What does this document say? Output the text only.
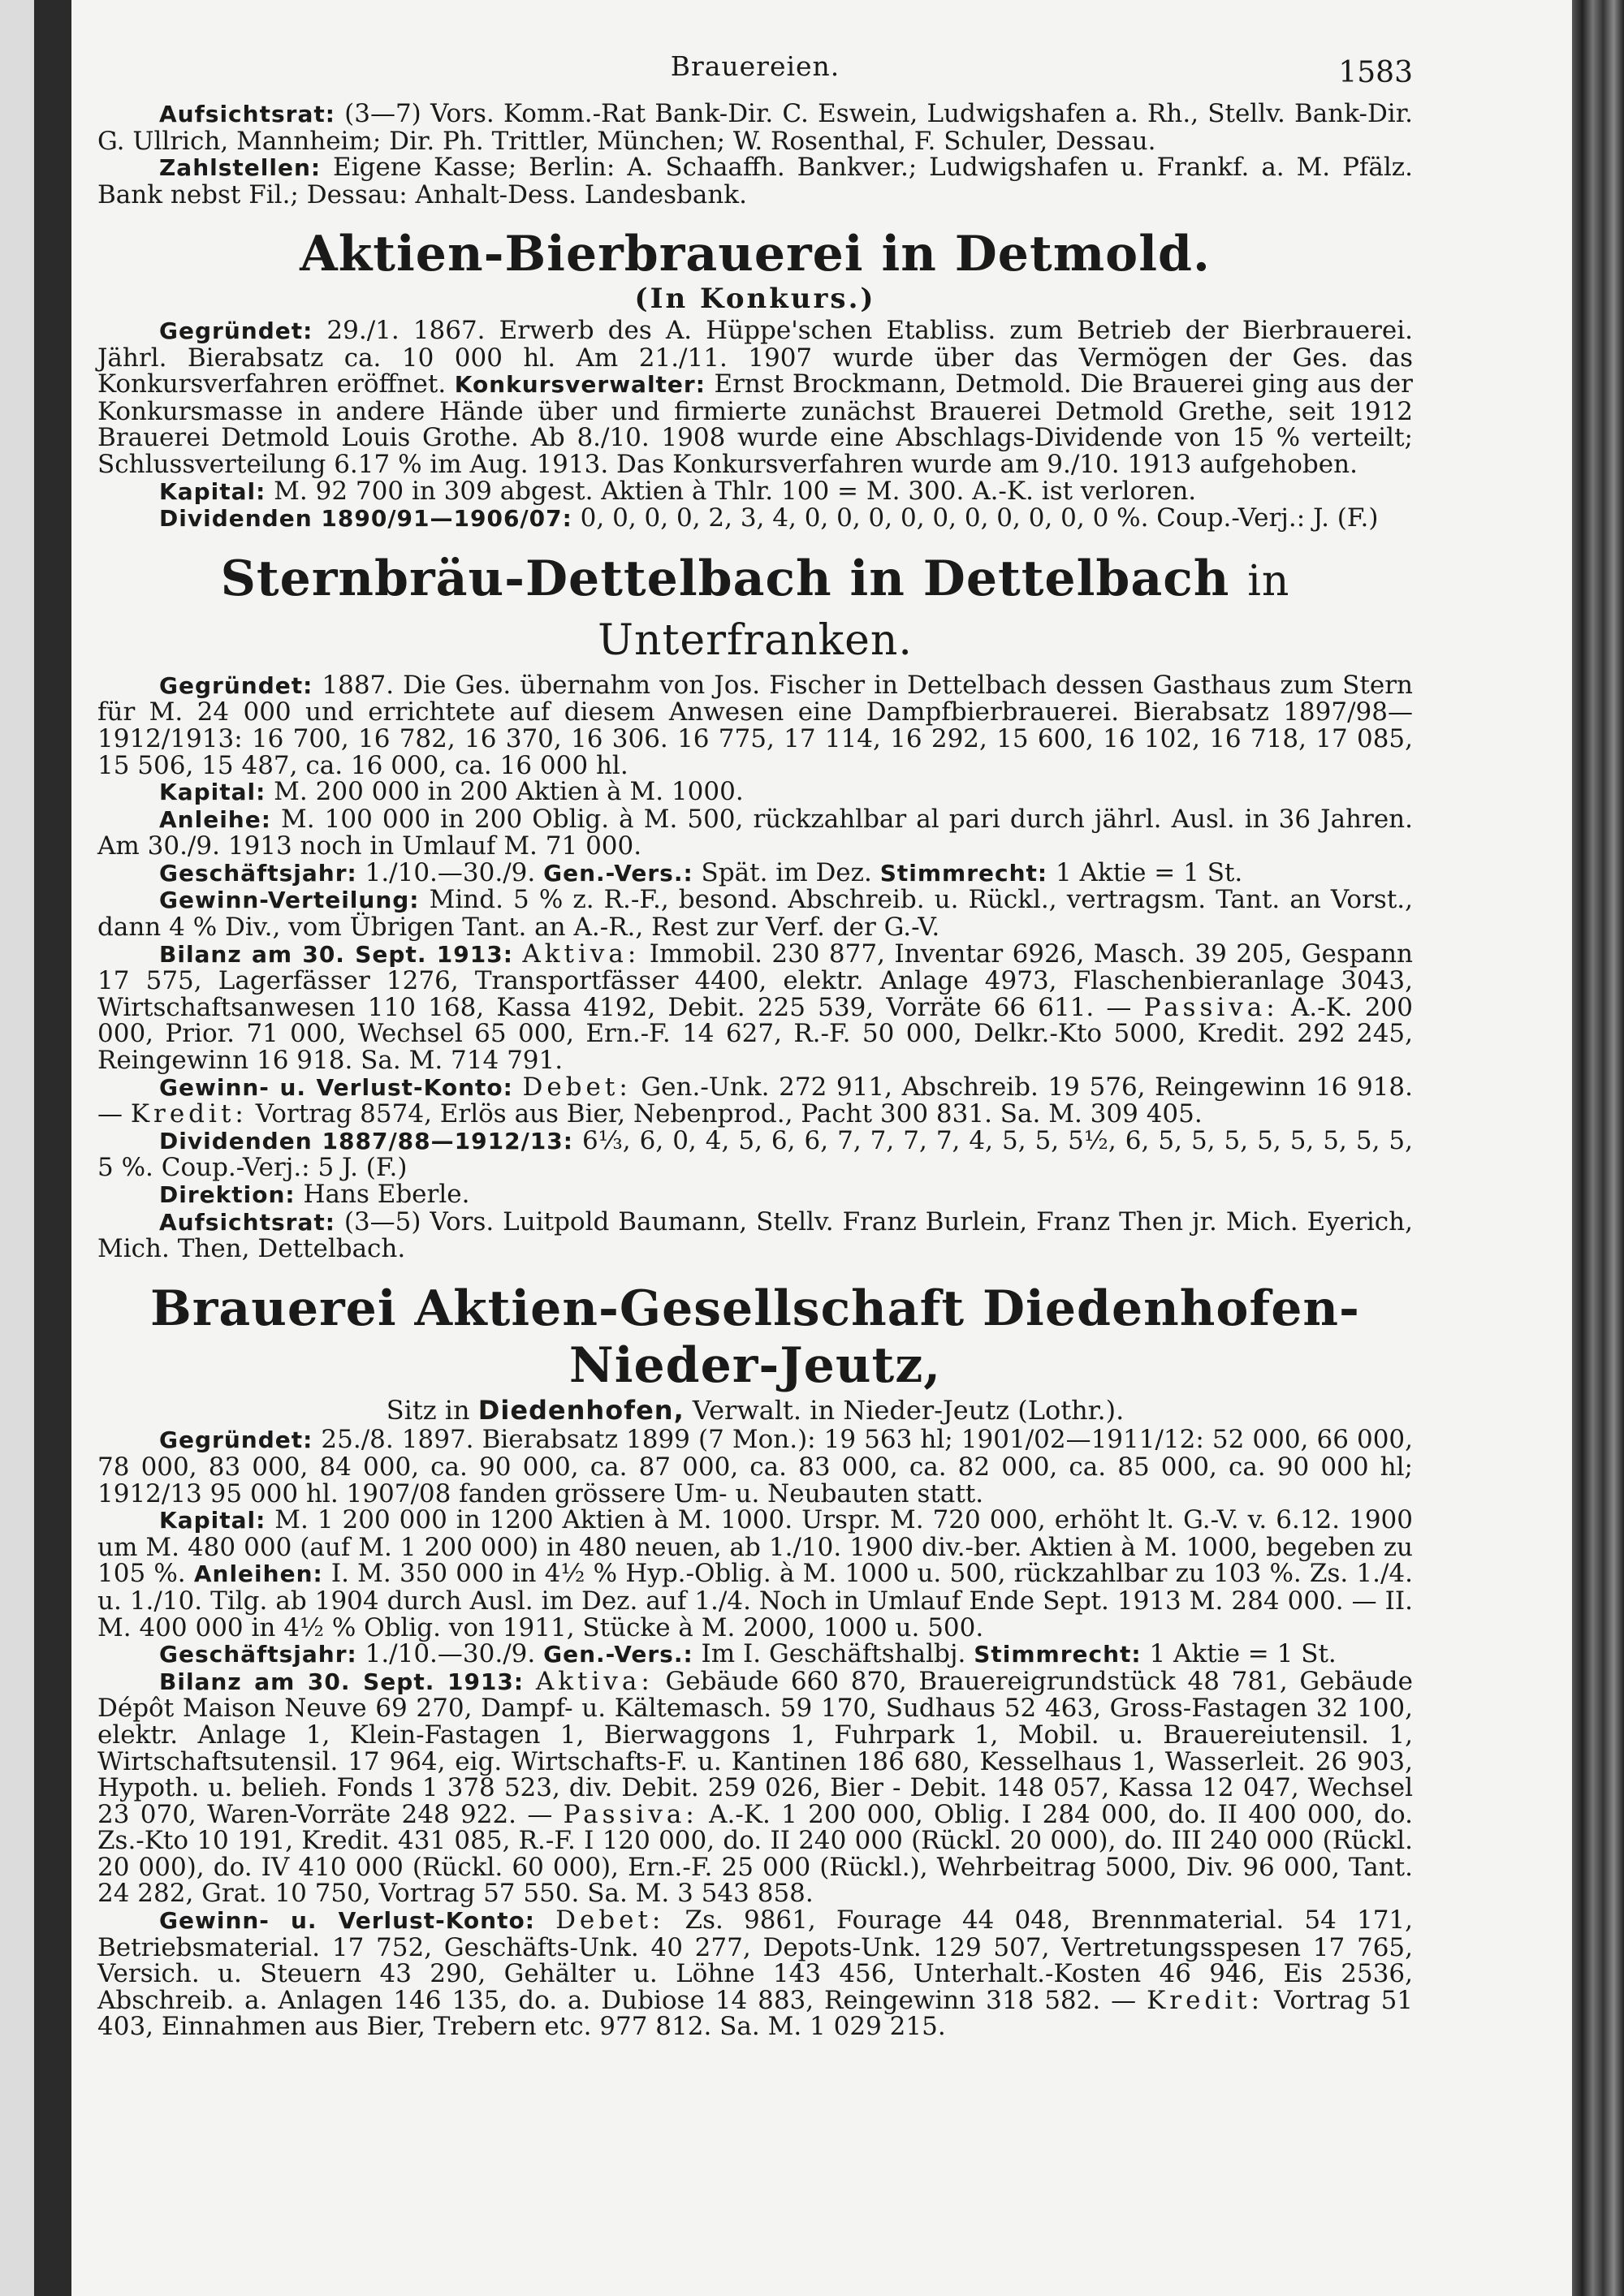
Brauereien.	1583

Aufsichtsrat: (3—7) Vors. Komm.-Rat Bank-Dir. C. Eswein, Ludwigshafen a. Rh., Stellv. Bank-Dir. G. Ullrich, Mannheim; Dir. Ph. Trittler, München; W. Rosenthal, F. Schuler, Dessau.

Zahlstellen: Eigene Kasse; Berlin: A. Schaaffh. Bankver.; Ludwigshafen u. Frankf. a. M. Pfälz. Bank nebst Fil.; Dessau: Anhalt-Dess. Landesbank.

Aktien-Bierbrauerei in Detmold.
(In Konkurs.)

Gegründet: 29./1. 1867. Erwerb des A. Hüppe'schen Etabliss. zum Betrieb der Bierbrauerei. Jährl. Bierabsatz ca. 10 000 hl. Am 21./11. 1907 wurde über das Vermögen der Ges. das Konkursverfahren eröffnet. Konkursverwalter: Ernst Brockmann, Detmold. Die Brauerei ging aus der Konkursmasse in andere Hände über und firmierte zunächst Brauerei Detmold Grethe, seit 1912 Brauerei Detmold Louis Grothe. Ab 8./10. 1908 wurde eine Abschlags-Dividende von 15 % verteilt; Schlussverteilung 6.17 % im Aug. 1913. Das Konkursverfahren wurde am 9./10. 1913 aufgehoben.

Kapital: M. 92 700 in 309 abgest. Aktien à Thlr. 100 = M. 300. A.-K. ist verloren.

Dividenden 1890/91—1906/07: 0, 0, 0, 0, 2, 3, 4, 0, 0, 0, 0, 0, 0, 0, 0, 0, 0 %. Coup.-Verj.: J. (F.)

Sternbräu-Dettelbach in Dettelbach in Unterfranken.

Gegründet: 1887. Die Ges. übernahm von Jos. Fischer in Dettelbach dessen Gasthaus zum Stern für M. 24 000 und errichtete auf diesem Anwesen eine Dampfbierbrauerei. Bierabsatz 1897/98—1912/1913: 16 700, 16 782, 16 370, 16 306. 16 775, 17 114, 16 292, 15 600, 16 102, 16 718, 17 085, 15 506, 15 487, ca. 16 000, ca. 16 000 hl.

Kapital: M. 200 000 in 200 Aktien à M. 1000.

Anleihe: M. 100 000 in 200 Oblig. à M. 500, rückzahlbar al pari durch jährl. Ausl. in 36 Jahren. Am 30./9. 1913 noch in Umlauf M. 71 000.

Geschäftsjahr: 1./10.—30./9. Gen.-Vers.: Spät. im Dez. Stimmrecht: 1 Aktie = 1 St.

Gewinn-Verteilung: Mind. 5 % z. R.-F., besond. Abschreib. u. Rückl., vertragsm. Tant. an Vorst., dann 4 % Div., vom Übrigen Tant. an A.-R., Rest zur Verf. der G.-V.

Bilanz am 30. Sept. 1913: Aktiva: Immobil. 230 877, Inventar 6926, Masch. 39 205, Gespann 17 575, Lagerfässer 1276, Transportfässer 4400, elektr. Anlage 4973, Flaschenbieranlage 3043, Wirtschaftsanwesen 110 168, Kassa 4192, Debit. 225 539, Vorräte 66 611. — Passiva: A.-K. 200 000, Prior. 71 000, Wechsel 65 000, Ern.-F. 14 627, R.-F. 50 000, Delkr.-Kto 5000, Kredit. 292 245, Reingewinn 16 918. Sa. M. 714 791.

Gewinn- u. Verlust-Konto: Debet: Gen.-Unk. 272 911, Abschreib. 19 576, Reingewinn 16 918. — Kredit: Vortrag 8574, Erlös aus Bier, Nebenprod., Pacht 300 831. Sa. M. 309 405.

Dividenden 1887/88—1912/13: 6⅓, 6, 0, 4, 5, 6, 6, 7, 7, 7, 7, 4, 5, 5, 5½, 6, 5, 5, 5, 5, 5, 5, 5, 5, 5 %. Coup.-Verj.: 5 J. (F.)

Direktion: Hans Eberle.

Aufsichtsrat: (3—5) Vors. Luitpold Baumann, Stellv. Franz Burlein, Franz Then jr. Mich. Eyerich, Mich. Then, Dettelbach.

Brauerei Aktien-Gesellschaft Diedenhofen-Nieder-Jeutz,
Sitz in Diedenhofen, Verwalt. in Nieder-Jeutz (Lothr.).

Gegründet: 25./8. 1897. Bierabsatz 1899 (7 Mon.): 19 563 hl; 1901/02—1911/12: 52 000, 66 000, 78 000, 83 000, 84 000, ca. 90 000, ca. 87 000, ca. 83 000, ca. 82 000, ca. 85 000, ca. 90 000 hl; 1912/13 95 000 hl. 1907/08 fanden grössere Um- u. Neubauten statt.

Kapital: M. 1 200 000 in 1200 Aktien à M. 1000. Urspr. M. 720 000, erhöht lt. G.-V. v. 6.12. 1900 um M. 480 000 (auf M. 1 200 000) in 480 neuen, ab 1./10. 1900 div.-ber. Aktien à M. 1000, begeben zu 105 %. Anleihen: I. M. 350 000 in 4½ % Hyp.-Oblig. à M. 1000 u. 500, rückzahlbar zu 103 %. Zs. 1./4. u. 1./10. Tilg. ab 1904 durch Ausl. im Dez. auf 1./4. Noch in Umlauf Ende Sept. 1913 M. 284 000. — II. M. 400 000 in 4½ % Oblig. von 1911, Stücke à M. 2000, 1000 u. 500.

Geschäftsjahr: 1./10.—30./9. Gen.-Vers.: Im I. Geschäftshalbj. Stimmrecht: 1 Aktie = 1 St.

Bilanz am 30. Sept. 1913: Aktiva: Gebäude 660 870, Brauereigrundstück 48 781, Gebäude Dépôt Maison Neuve 69 270, Dampf- u. Kältemasch. 59 170, Sudhaus 52 463, Gross-Fastagen 32 100, elektr. Anlage 1, Klein-Fastagen 1, Bierwaggons 1, Fuhrpark 1, Mobil. u. Brauereiutensil. 1, Wirtschaftsutensil. 17 964, eig. Wirtschafts-F. u. Kantinen 186 680, Kesselhaus 1, Wasserleit. 26 903, Hypoth. u. belieh. Fonds 1 378 523, div. Debit. 259 026, Bier - Debit. 148 057, Kassa 12 047, Wechsel 23 070, Waren-Vorräte 248 922. — Passiva: A.-K. 1 200 000, Oblig. I 284 000, do. II 400 000, do. Zs.-Kto 10 191, Kredit. 431 085, R.-F. I 120 000, do. II 240 000 (Rückl. 20 000), do. III 240 000 (Rückl. 20 000), do. IV 410 000 (Rückl. 60 000), Ern.-F. 25 000 (Rückl.), Wehrbeitrag 5000, Div. 96 000, Tant. 24 282, Grat. 10 750, Vortrag 57 550. Sa. M. 3 543 858.

Gewinn- u. Verlust-Konto: Debet: Zs. 9861, Fourage 44 048, Brennmaterial. 54 171, Betriebsmaterial. 17 752, Geschäfts-Unk. 40 277, Depots-Unk. 129 507, Vertretungsspesen 17 765, Versich. u. Steuern 43 290, Gehälter u. Löhne 143 456, Unterhalt.-Kosten 46 946, Eis 2536, Abschreib. a. Anlagen 146 135, do. a. Dubiose 14 883, Reingewinn 318 582. — Kredit: Vortrag 51 403, Einnahmen aus Bier, Trebern etc. 977 812. Sa. M. 1 029 215.
